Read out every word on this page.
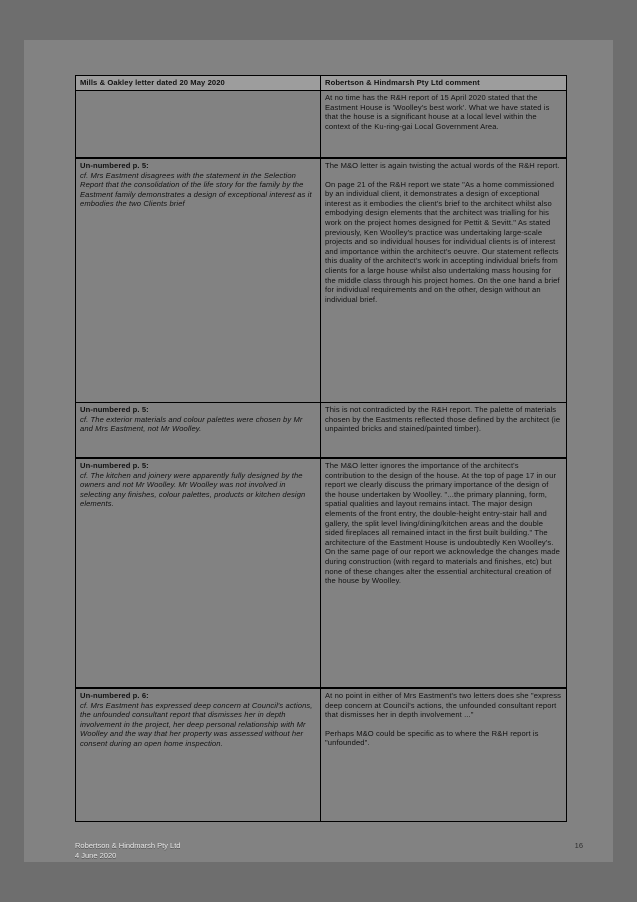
Mills & Oakley letter dated 20 May 2020	Robertson & Hindmarsh Pty Ltd comment

At no time has the R&H report of 15 April 2020 stated that the Eastment House is 'Woolley's best work'. What we have stated is that the house is a significant house at a local level within the context of the Ku-ring-gai Local Government Area.

Un-numbered p. 5:
cf. Mrs Eastment disagrees with the statement in the Selection Report that the consolidation of the life story for the family by the Eastment family demonstrates a design of exceptional interest as it embodies the two Clients brief

The M&O letter is again twisting the actual words of the R&H report.

On page 21 of the R&H report we state "As a home commissioned by an individual client, it demonstrates a design of exceptional interest as it embodies the client's brief to the architect whilst also embodying design elements that the architect was trialling for his work on the project homes designed for Pettit & Sevitt." As stated previously, Ken Woolley's practice was undertaking large-scale projects and so individual houses for individual clients is of interest and importance within the architect's oeuvre. Our statement reflects this duality of the architect's work in accepting individual briefs from clients for a large house whilst also undertaking mass housing for the middle class through his project homes. On the one hand a brief for individual requirements and on the other, design without an individual brief.

Un-numbered p. 5:
cf. The exterior materials and colour palettes were chosen by Mr and Mrs Eastment, not Mr Woolley.

This is not contradicted by the R&H report. The palette of materials chosen by the Eastments reflected those defined by the architect (ie unpainted bricks and stained/painted timber).

Un-numbered p. 5:
cf. The kitchen and joinery were apparently fully designed by the owners and not Mr Woolley. Mr Woolley was not involved in selecting any finishes, colour palettes, products or kitchen design elements.

The M&O letter ignores the importance of the architect's contribution to the design of the house. At the top of page 17 in our report we clearly discuss the primary importance of the design of the house undertaken by Woolley. "...the primary planning, form, spatial qualities and layout remains intact. The major design elements of the front entry, the double-height entry-stair hall and gallery, the split level living/dining/kitchen areas and the double sided fireplaces all remained intact in the first built building." The architecture of the Eastment House is undoubtedly Ken Woolley's. On the same page of our report we acknowledge the changes made during construction (with regard to materials and finishes, etc) but none of these changes alter the essential architectural creation of the house by Woolley.

Un-numbered p. 6:
cf. Mrs Eastment has expressed deep concern at Council's actions, the unfounded consultant report that dismisses her in depth involvement in the project, her deep personal relationship with Mr Woolley and the way that her property was assessed without her consent during an open home inspection.

At no point in either of Mrs Eastment's two letters does she "express deep concern at Council's actions, the unfounded consultant report that dismisses her in depth involvement ..."

Perhaps M&O could be specific as to where the R&H report is "unfounded".

Robertson & Hindmarsh Pty Ltd
4 June 2020
16
